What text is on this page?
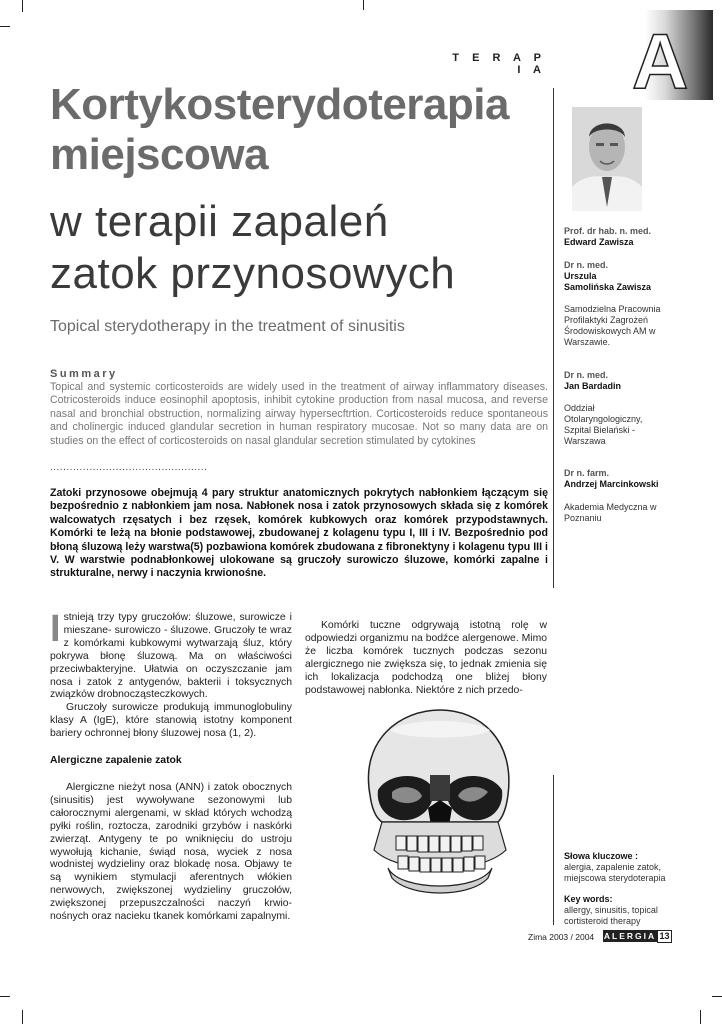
T E R A P I A A
Kortykosterydoterapia
miejscowa
w terapii zapaleń
zatok przynosowych
Topical sterydotherapy in the treatment of sinusitis
Summary
Topical and systemic corticosteroids are widely used in the treatment of airway inflammatory diseases. Cotricosteroids induce eosinophil apoptosis, inhibit cytokine production from nasal mucosa, and reverse nasal and bronchial obstruction, normalizing airway hypersecftrtion. Corticosteroids reduce spontaneous and cholinergic induced glandular secretion in human respiratory mucosae. Not so many data are on studies on the effect of corticosteroids on nasal glandular secretion stimulated by cytokines
................................................
Zatoki przynosowe obejmują 4 pary struktur anatomicznych pokrytych nabłonkiem łączącym się bezpośrednio z nabłonkiem jam nosa. Nabłonek nosa i zatok przynosowych składa się z komórek walcowatych rzęsatych i bez rzęsek, komórek kubkowych oraz komórek przypodstawnych. Komórki te leżą na błonie podstawowej, zbudowanej z kolagenu typu I, III i IV. Bezpośrednio pod błoną śluzową leży warstwa(5) pozbawiona komórek zbudowana z fibronektyny i kolagenu typu III i V. W warstwie podnabłonkowej ulokowane są gruczoły surowiczo śluzowe, komórki zapalne i strukturalne, nerwy i naczynia krwionośne.

Istnieją trzy typy gruczołów: śluzowe, surowicze i mieszane- surowiczo - śluzowe. Gruczoły te wraz z komórkami kubkowymi wytwarzają śluz, który pokrywa błonę śluzową. Ma on właściwości przeciwbakteryjne. Ułatwia on oczyszczanie jam nosa i zatok z antygenów, bakterii i toksycznych związków drobnocząsteczkowych.

Gruczoły surowicze produkują immunoglobuliny klasy A (IgE), które stanowią istotny komponent bariery ochronnej błony śluzowej nosa (1, 2).

Alergiczne zapalenie zatok

Alergiczne nieżyt nosa (ANN) i zatok obocznych (sinusitis) jest wywoływane sezonowymi lub całorocznymi alergenami, w skład których wchodzą pyłki roślin, roztocza, zarodniki grzybów i naskórki zwierząt. Antygeny te po wniknięciu do ustroju wywołują kichanie, świąd nosa, wyciek z nosa wodnistej wydzieliny oraz blokadę nosa. Objawy te są wynikiem stymulacji aferentnych włókien nerwowych, zwiększonej wydzieliny gruczołów, zwiększonej przepuszczalności naczyń krwio-nośnych oraz nacieku tkanek komórkami zapalnymi.

Komórki tuczne odgrywają istotną rolę w odpowiedzi organizmu na bodźce alergenowe. Mimo że liczba komórek tucznych podczas sezonu alergicznego nie zwiększa się, to jednak zmienia się ich lokalizacja podchodzą one bliżej błony podstawowej nabłonka. Niektóre z nich przedo-

Prof. dr hab. n. med.
Edward Zawisza
Dr n. med.
Urszula
Samolińska Zawisza
Samodzielna Pracownia Profilaktyki Zagrożeń Środowiskowych AM w Warszawie.
Dr n. med.
Jan Bardadin
Oddział Otolaryngologiczny, Szpital Bielański - Warszawa
Dr n. farm.
Andrzej Marcinkowski
Akademia Medyczna w Poznaniu
Słowa kluczowe :
alergia, zapalenie zatok, miejscowa sterydoterapia
Key words:
allergy, sinusitis, topical cortisteroid therapy
Zima 2003 / 2004 ALERGIA 13
